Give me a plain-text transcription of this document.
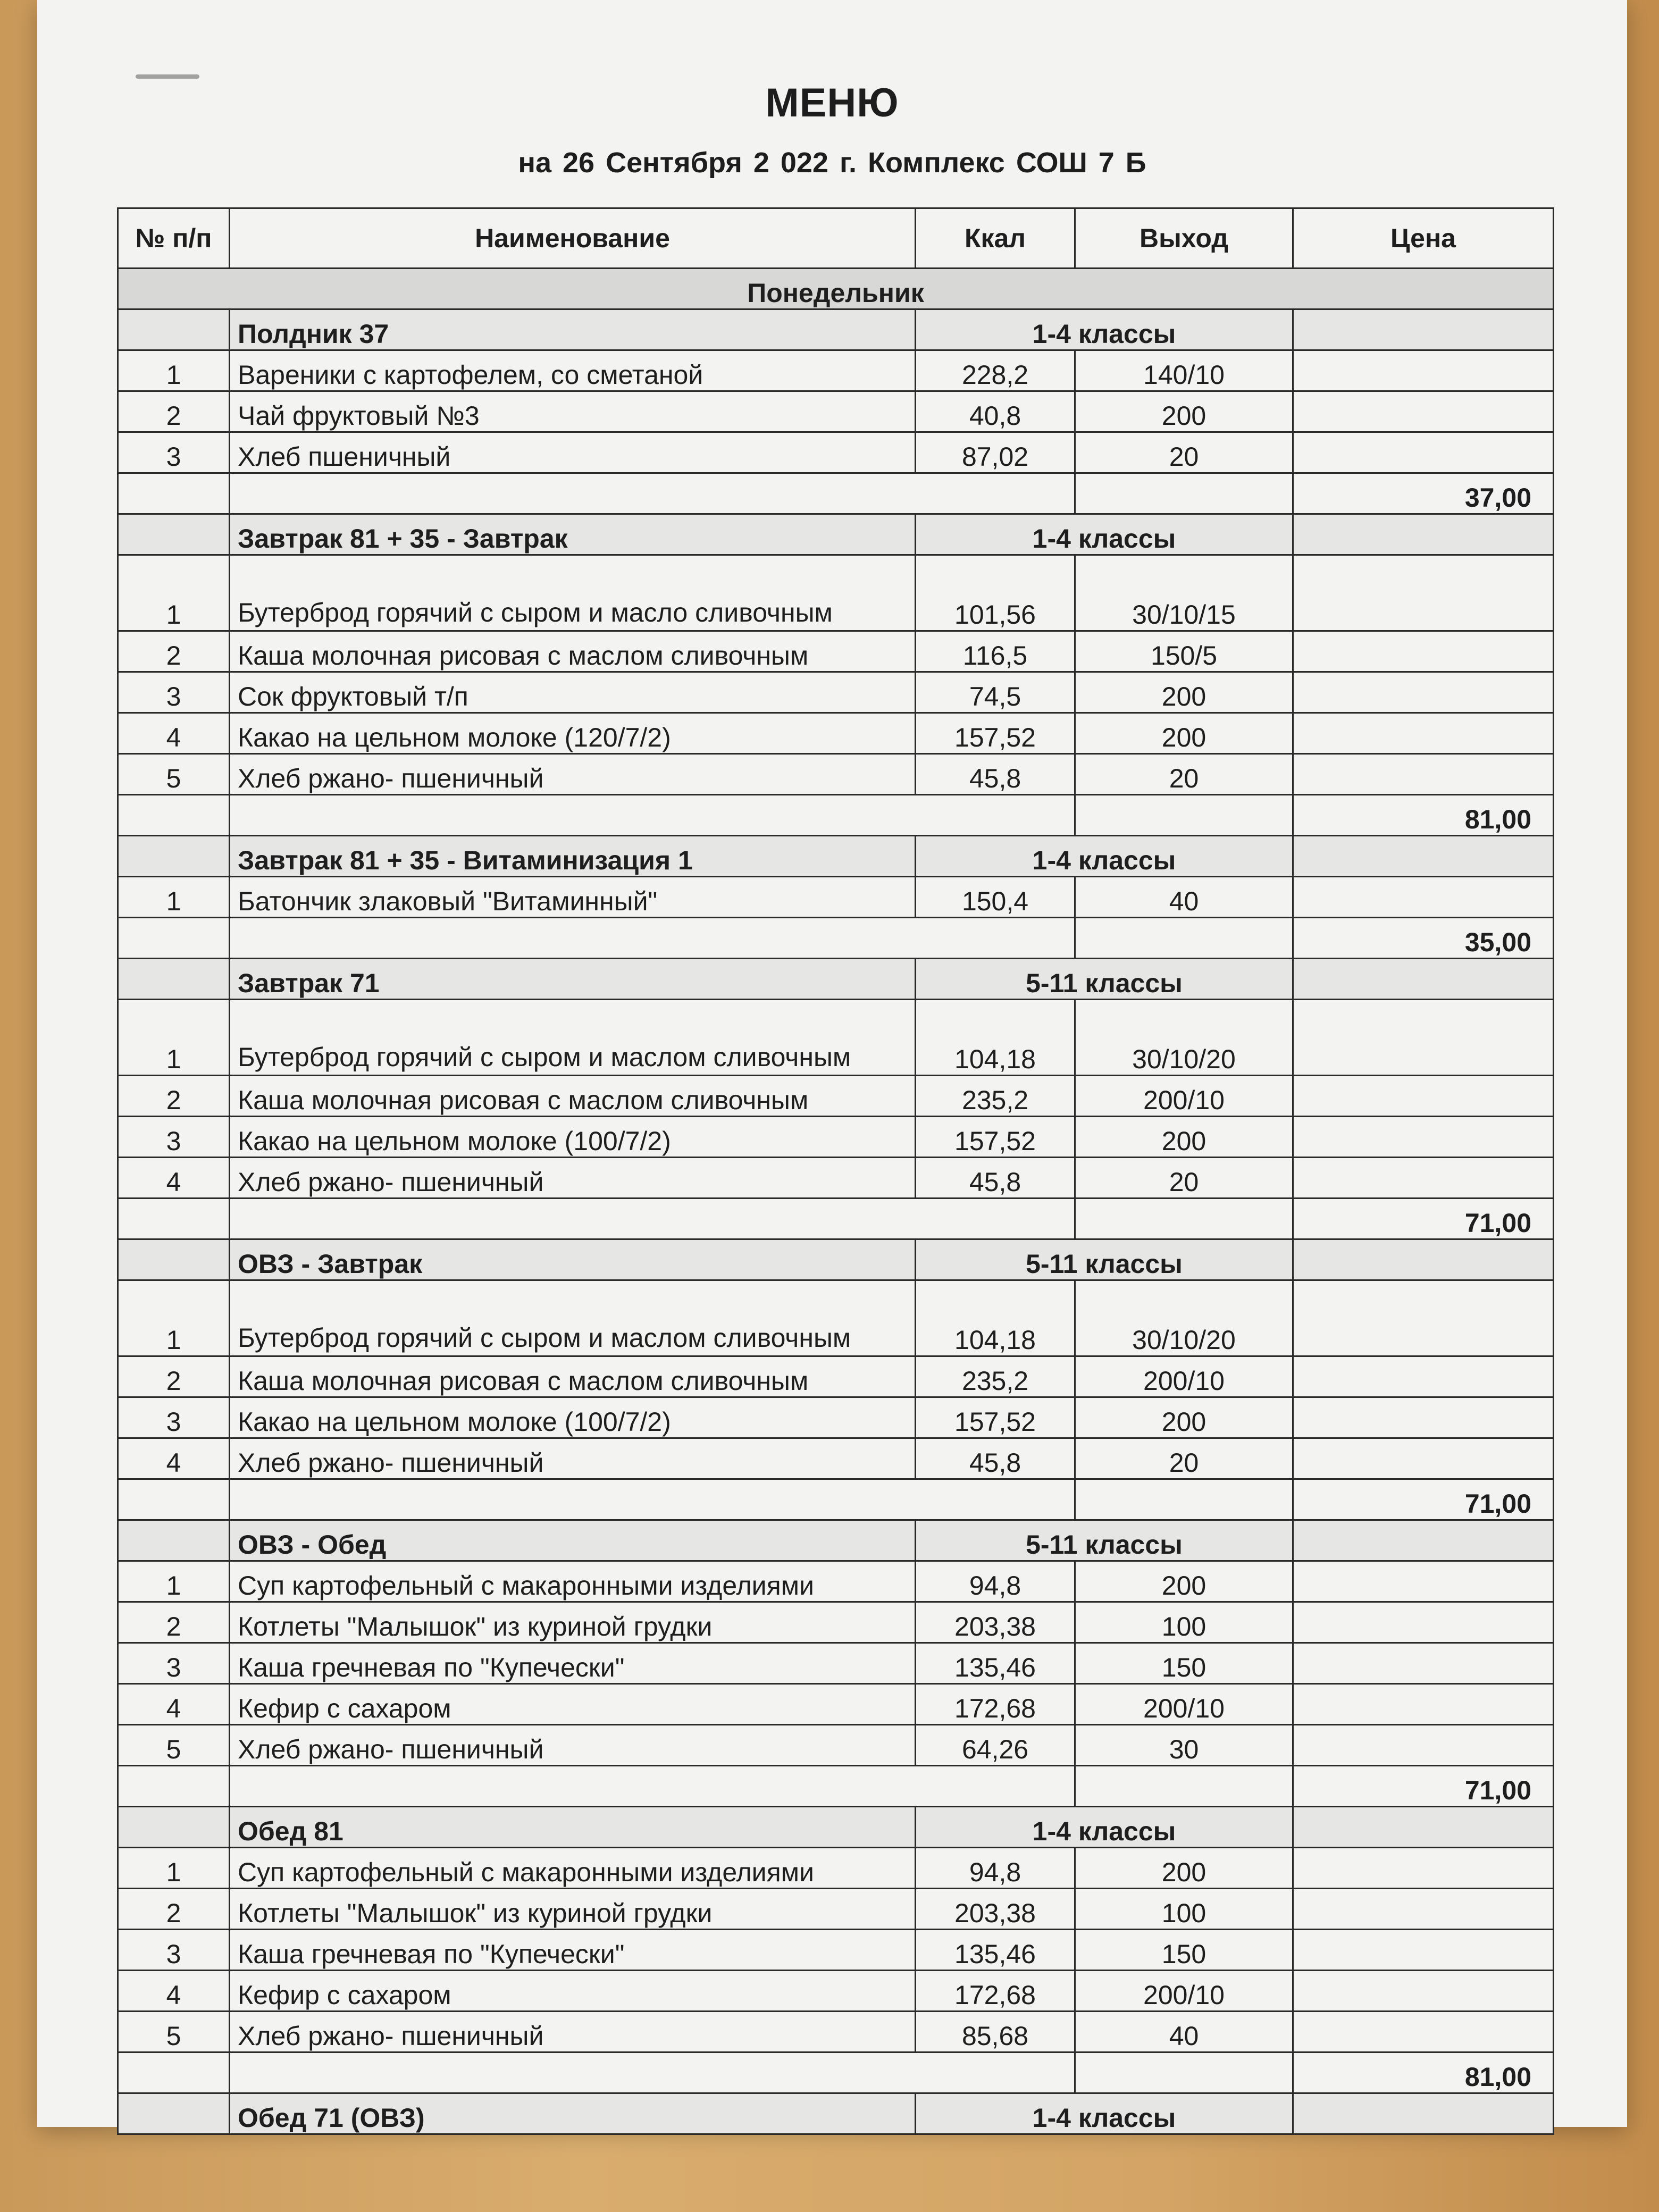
МЕНЮ
на 26 Сентября 2 022 г. Комплекс СОШ 7 Б
№ п/п	Наименование	Ккал	Выход	Цена
Понедельник				
	Полдник 37	1-4 классы		
1	Вареники с картофелем, со сметаной	228,2	140/10	
2	Чай фруктовый №3	40,8	200	
3	Хлеб пшеничный	87,02	20	
				37,00
	Завтрак 81 + 35 - Завтрак	1-4 классы		
1	Бутерброд горячий с сыром и масло сливочным	101,56	30/10/15	
2	Каша молочная рисовая с маслом сливочным	116,5	150/5	
3	Сок фруктовый т/п	74,5	200	
4	Какао на цельном молоке (120/7/2)	157,52	200	
5	Хлеб ржано- пшеничный	45,8	20	
				81,00
	Завтрак 81 + 35 - Витаминизация 1	1-4 классы		
1	Батончик злаковый "Витаминный"	150,4	40	
				35,00
	Завтрак 71	5-11 классы		
1	Бутерброд горячий с сыром и маслом сливочным	104,18	30/10/20	
2	Каша молочная рисовая с маслом сливочным	235,2	200/10	
3	Какао на цельном молоке (100/7/2)	157,52	200	
4	Хлеб ржано- пшеничный	45,8	20	
				71,00
	ОВЗ - Завтрак	5-11 классы		
1	Бутерброд горячий с сыром и маслом сливочным	104,18	30/10/20	
2	Каша молочная рисовая с маслом сливочным	235,2	200/10	
3	Какао на цельном молоке (100/7/2)	157,52	200	
4	Хлеб ржано- пшеничный	45,8	20	
				71,00
	ОВЗ - Обед	5-11 классы		
1	Суп картофельный с макаронными изделиями	94,8	200	
2	Котлеты "Малышок" из куриной грудки	203,38	100	
3	Каша гречневая по "Купечески"	135,46	150	
4	Кефир с сахаром	172,68	200/10	
5	Хлеб ржано- пшеничный	64,26	30	
				71,00
	Обед 81	1-4 классы		
1	Суп картофельный с макаронными изделиями	94,8	200	
2	Котлеты "Малышок" из куриной грудки	203,38	100	
3	Каша гречневая по "Купечески"	135,46	150	
4	Кефир с сахаром	172,68	200/10	
5	Хлеб ржано- пшеничный	85,68	40	
				81,00
	Обед 71 (ОВЗ)	1-4 классы		
